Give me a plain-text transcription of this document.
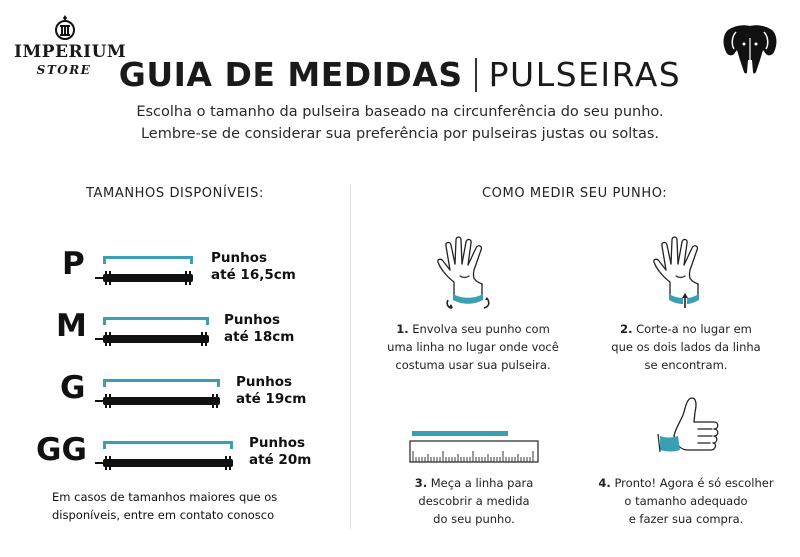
IMPERIUM
STORE GUIA DE MEDIDAS PULSEIRAS
Escolha o tamanho da pulseira baseado na circunferência do seu punho.
Lembre-se de considerar sua preferência por pulseiras justas ou soltas.
TAMANHOS DISPONÍVEIS:
P	Punhos
até 16,5cm
M	Punhos
até 18cm
G	Punhos
até 19cm
GG	Punhos
até 20m
Em casos de tamanhos maiores que os
disponíveis, entre em contato conosco
COMO MEDIR SEU PUNHO:
1. Envolva seu punho com
uma linha no lugar onde você
costuma usar sua pulseira.
2. Corte-a no lugar em
que os dois lados da linha
se encontram.
3. Meça a linha para
descobrir a medida
do seu punho.
4. Pronto! Agora é só escolher
o tamanho adequado
e fazer sua compra.
